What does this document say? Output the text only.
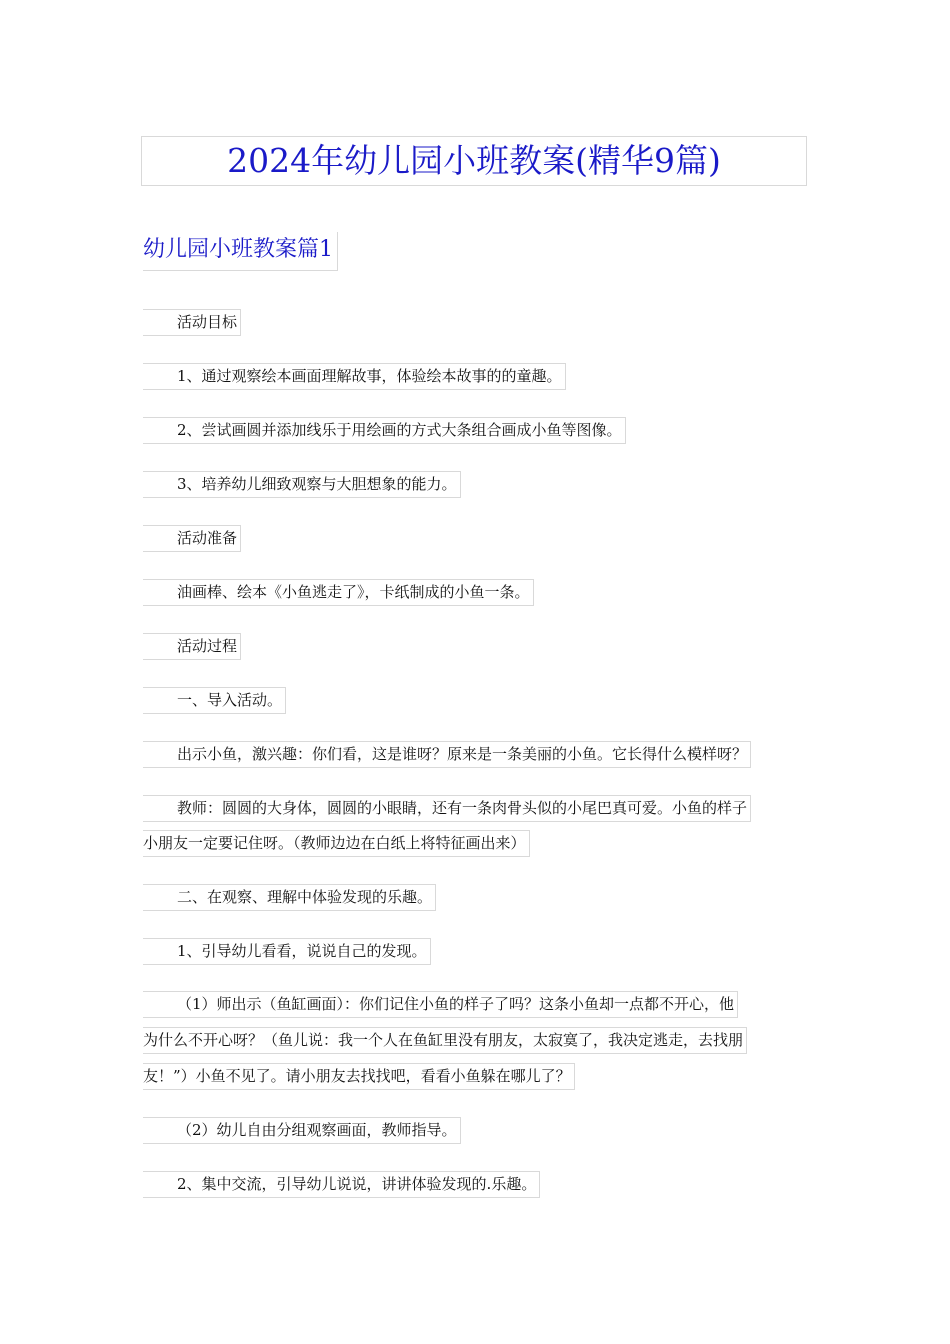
2024年幼儿园小班教案(精华9篇)
幼儿园小班教案篇1
活动目标
1、通过观察绘本画面理解故事，体验绘本故事的的童趣。
2、尝试画圆并添加线乐于用绘画的方式大条组合画成小鱼等图像。
3、培养幼儿细致观察与大胆想象的能力。
活动准备
油画棒、绘本《小鱼逃走了》，卡纸制成的小鱼一条。
活动过程
一、导入活动。
出示小鱼，激兴趣：你们看，这是谁呀？原来是一条美丽的小鱼。它长得什么模样呀？
教师：圆圆的大身体，圆圆的小眼睛，还有一条肉骨头似的小尾巴真可爱。小鱼的样子
小朋友一定要记住呀。（教师边边在白纸上将特征画出来）
二、在观察、理解中体验发现的乐趣。
1、引导幼儿看看，说说自己的发现。
（1）师出示（鱼缸画面）：你们记住小鱼的样子了吗？这条小鱼却一点都不开心，他
为什么不开心呀？（鱼儿说：我一个人在鱼缸里没有朋友，太寂寞了，我决定逃走，去找朋
友！”）小鱼不见了。请小朋友去找找吧，看看小鱼躲在哪儿了？
（2）幼儿自由分组观察画面，教师指导。
2、集中交流，引导幼儿说说，讲讲体验发现的.乐趣。
